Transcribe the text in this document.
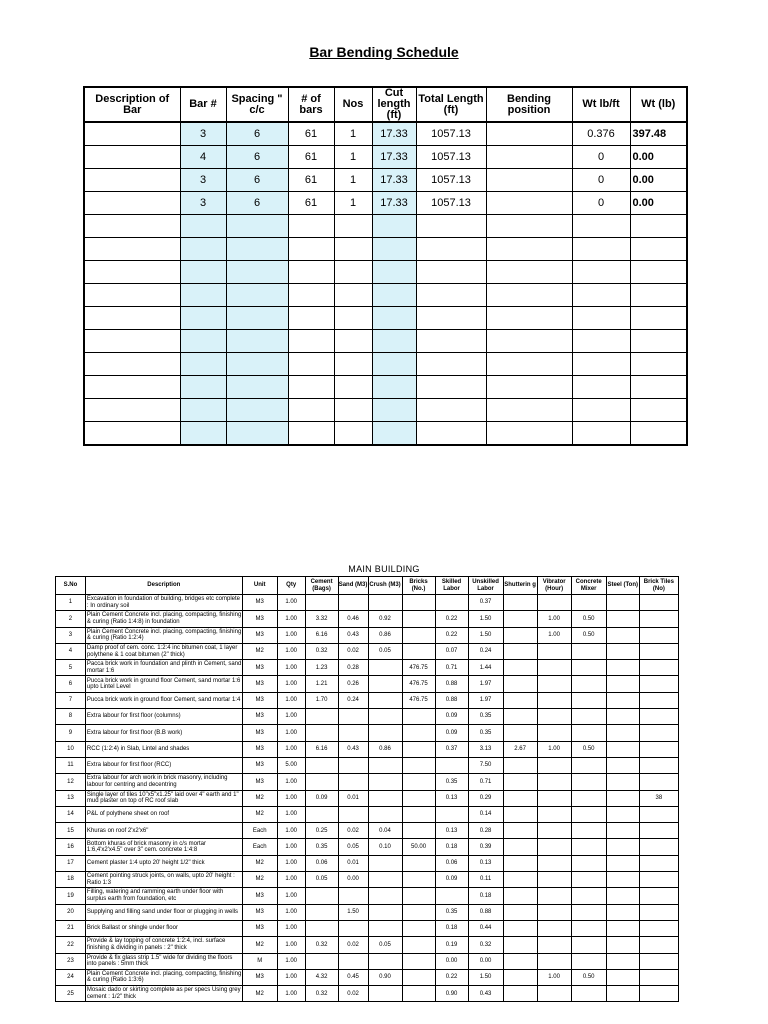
Bar Bending Schedule
Description of Bar	Bar #	Spacing " c/c	# of bars	Nos	Cut length (ft)	Total Length (ft)	Bending position	Wt lb/ft	Wt (lb)
	3	6	61	1	17.33	1057.13		0.376	397.48
	4	6	61	1	17.33	1057.13		0	0.00
	3	6	61	1	17.33	1057.13		0	0.00
	3	6	61	1	17.33	1057.13		0	0.00

MAIN BUILDING
S.No	Description	Unit	Qty	Cement (Bags)	Sand (M3)	Crush (M3)	Bricks (No.)	Skilled Labor	Unskilled Labor	Shutterin g	Vibrator (Hour)	Concrete Mixer	Steel (Ton)	Brick Tiles (No)
1	Excavation in foundation of building, bridges etc complete : In ordinary soil	M3	1.00						0.37					
2	Plain Cement Concrete incl. placing, compacting, finishing & curing (Ratio 1:4:8) in foundation	M3	1.00	3.32	0.46	0.92		0.22	1.50		1.00	0.50		
3	Plain Cement Concrete incl. placing, compacting, finishing & curing (Ratio 1:2:4)	M3	1.00	6.16	0.43	0.86		0.22	1.50		1.00	0.50		
4	Damp proof of cem. conc. 1:2:4 inc bitumen coat, 1 layer polythene & 1 coat bitumen (2" thick)	M2	1.00	0.32	0.02	0.05		0.07	0.24					
5	Pacca brick work in foundation and plinth in Cement, sand mortar 1:6	M3	1.00	1.23	0.28		476.75	0.71	1.44					
6	Pucca brick work in ground floor Cement, sand mortar 1:6 upto Lintel Level	M3	1.00	1.21	0.26		476.75	0.88	1.97					
7	Pucca brick work in ground floor Cement, sand mortar 1:4	M3	1.00	1.70	0.24		476.75	0.88	1.97					
8	Extra labour for first floor (columns)	M3	1.00					0.09	0.35					
9	Extra labour for first floor (B.B work)	M3	1.00					0.09	0.35					
10	RCC (1:2:4) in Slab, Lintel and shades	M3	1.00	6.16	0.43	0.86		0.37	3.13	2.67	1.00	0.50		
11	Extra labour for first floor (RCC)	M3	5.00						7.50					
12	Extra labour for arch work in brick masonry, including labour for centring and decentring	M3	1.00					0.35	0.71					
13	Single layer of tiles 10"x5"x1.25" laid over 4" earth and 1" mud plaster on top of RC roof slab	M2	1.00	0.09	0.01			0.13	0.29					38
14	P&L of polythene sheet on roof	M2	1.00						0.14					
15	Khuras on roof 2'x2'x6"	Each	1.00	0.25	0.02	0.04		0.13	0.28					
16	Bottom khuras of brick masonry in c/s mortar 1:6,4'x2'x4.5" over 3" cem. concrete 1:4:8	Each	1.00	0.35	0.05	0.10	50.00	0.18	0.39					
17	Cement plaster 1:4 upto 20' height 1/2" thick	M2	1.00	0.06	0.01			0.06	0.13					
18	Cement pointing struck joints, on walls, upto 20' height : Ratio 1:3	M2	1.00	0.05	0.00			0.09	0.11					
19	Filling, watering and ramming earth under floor with surplus earth from foundation, etc	M3	1.00						0.18					
20	Supplying and filling sand under floor or plugging in wells	M3	1.00		1.50			0.35	0.88					
21	Brick Ballast or shingle under floor	M3	1.00					0.18	0.44					
22	Provide & lay topping of concrete 1:2:4, incl. surface finishing & dividing in panels : 2" thick	M2	1.00	0.32	0.02	0.05		0.19	0.32					
23	Provide & fix glass strip 1.5" wide for dividing the floors into panels : 5mm thick	M	1.00					0.00	0.00					
24	Plain Cement Concrete incl. placing, compacting, finishing & curing (Ratio 1:3:6)	M3	1.00	4.32	0.45	0.90		0.22	1.50		1.00	0.50		
25	Mosaic dado or skirting complete as per specs Using grey cement : 1/2" thick	M2	1.00	0.32	0.02			0.90	0.43					
